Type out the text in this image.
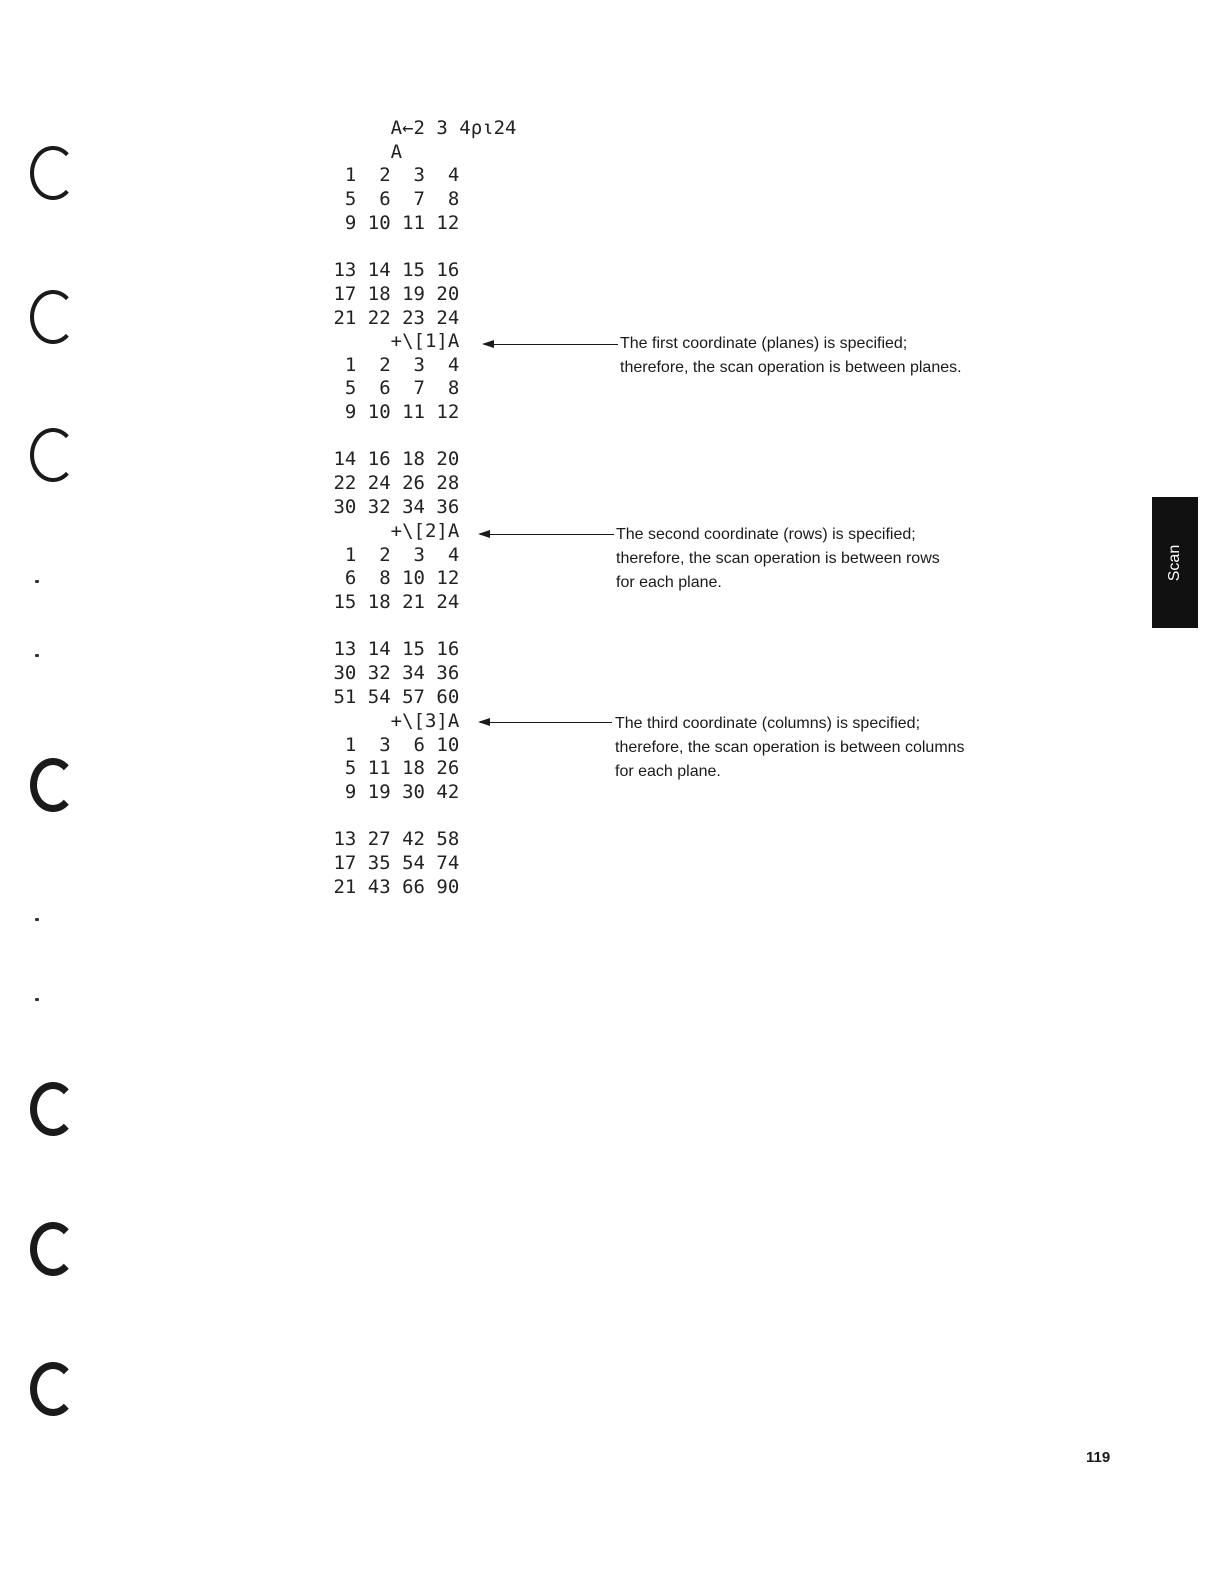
A←2 3 4⍴⍳24
A
1  2  3  4
5  6  7  8
9 10 11 12
13 14 15 16
17 18 19 20
21 22 23 24
+\[1]A
1  2  3  4
5  6  7  8
9 10 11 12
14 16 18 20
22 24 26 28
30 32 34 36
+\[2]A
1  2  3  4
6  8 10 12
15 18 21 24
13 14 15 16
30 32 34 36
51 54 57 60
+\[3]A
1  3  6 10
5 11 18 26
9 19 30 42
13 27 42 58
17 35 54 74
21 43 66 90

The first coordinate (planes) is specified;
therefore, the scan operation is between planes.

The second coordinate (rows) is specified;
therefore, the scan operation is between rows
for each plane.

The third coordinate (columns) is specified;
therefore, the scan operation is between columns
for each plane.

Scan
119
